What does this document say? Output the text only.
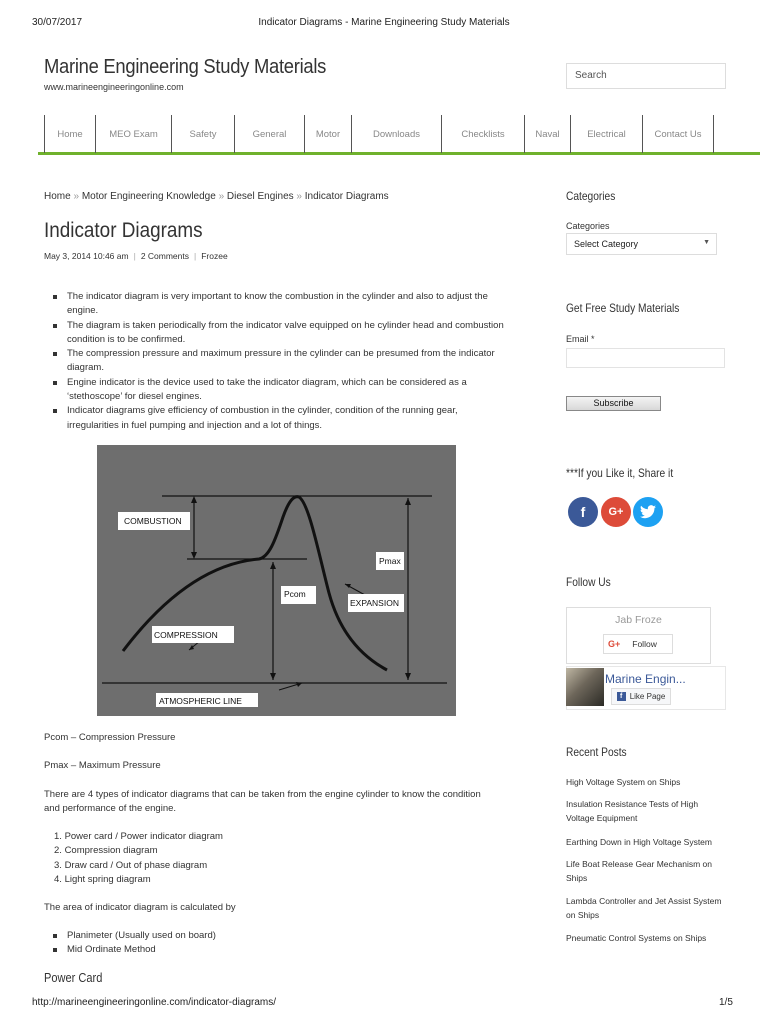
30/07/2017	Indicator Diagrams - Marine Engineering Study Materials
Marine Engineering Study Materials
www.marineengineeringonline.com
Search
Home	MEO Exam	Safety	General	Motor	Downloads	Checklists	Naval	Electrical	Contact Us
Home » Motor Engineering Knowledge » Diesel Engines » Indicator Diagrams
Indicator Diagrams
May 3, 2014 10:46 am | 2 Comments | Frozee
The indicator diagram is very important to know the combustion in the cylinder and also to adjust the engine.
The diagram is taken periodically from the indicator valve equipped on he cylinder head and combustion condition is to be confirmed.
The compression pressure and maximum pressure in the cylinder can be presumed from the indicator diagram.
Engine indicator is the device used to take the indicator diagram, which can be considered as a ‘stethoscope’ for diesel engines.
Indicator diagrams give efficiency of combustion in the cylinder, condition of the running gear, irregularities in fuel pumping and injection and a lot of things.
COMBUSTION
Pmax
Pcom
EXPANSION
COMPRESSION
ATMOSPHERIC LINE
Pcom – Compression Pressure
Pmax – Maximum Pressure
There are 4 types of indicator diagrams that can be taken from the engine cylinder to know the condition and performance of the engine.
1. Power card / Power indicator diagram
2. Compression diagram
3. Draw card / Out of phase diagram
4. Light spring diagram
The area of indicator diagram is calculated by
Planimeter (Usually used on board)
Mid Ordinate Method
Power Card
Categories
Categories
Select Category	▼
Get Free Study Materials
Email *
Subscribe
***If you Like it, Share it
f G+
Follow Us
Jab Froze
G+ Follow
Marine Engin...
f Like Page
Recent Posts
High Voltage System on Ships
Insulation Resistance Tests of High Voltage Equipment
Earthing Down in High Voltage System
Life Boat Release Gear Mechanism on Ships
Lambda Controller and Jet Assist System on Ships
Pneumatic Control Systems on Ships
http://marineengineeringonline.com/indicator-diagrams/	1/5
